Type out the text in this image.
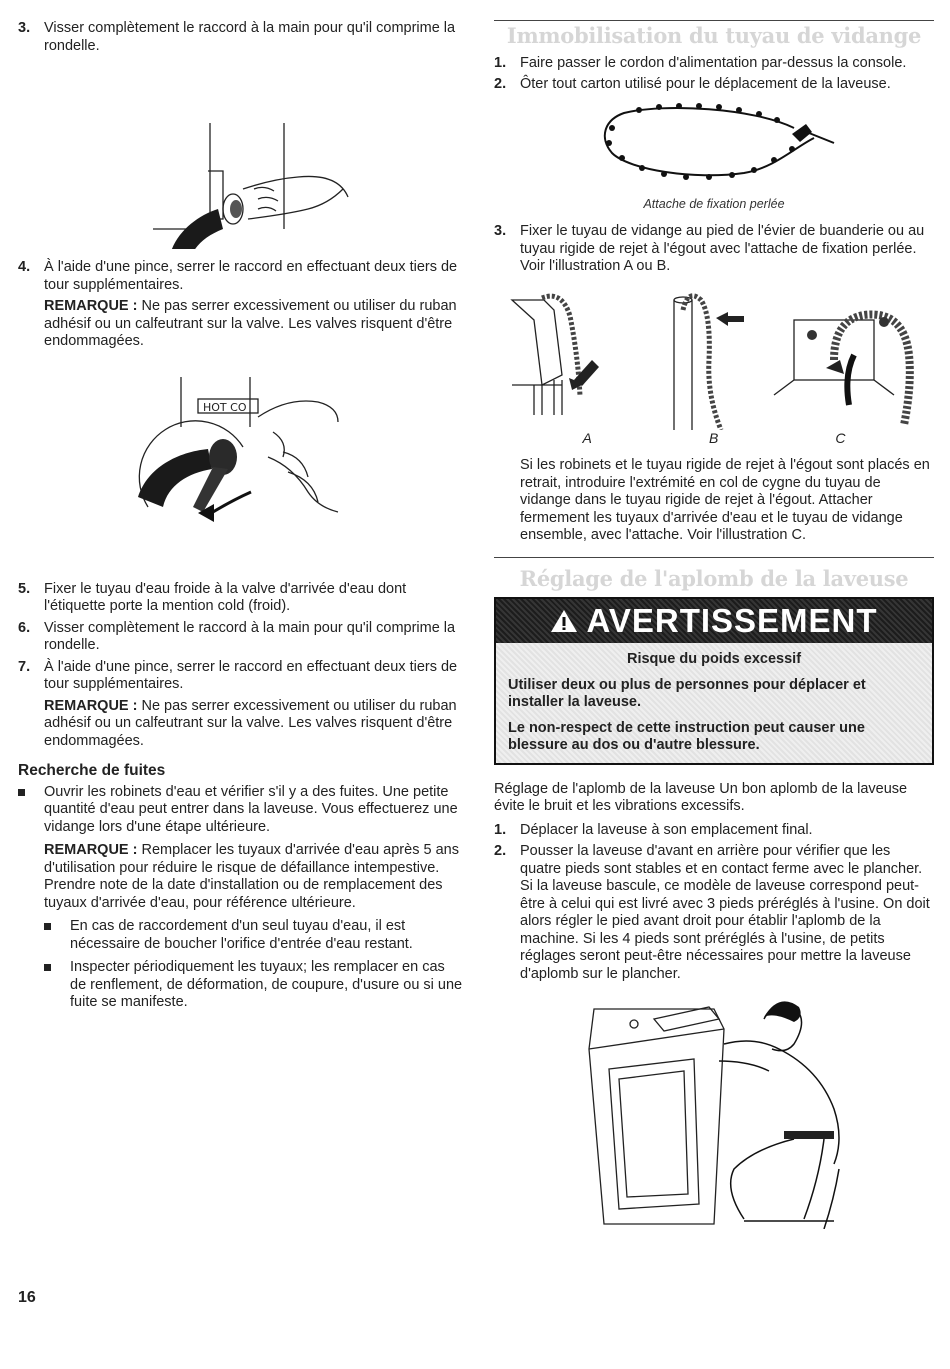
3. Visser complètement le raccord à la main pour qu'il comprime la rondelle.
4. À l'aide d'une pince, serrer le raccord en effectuant deux tiers de tour supplémentaires.
REMARQUE : Ne pas serrer excessivement ou utiliser du ruban adhésif ou un calfeutrant sur la valve. Les valves risquent d'être endommagées.
HOT CO
5. Fixer le tuyau d'eau froide à la valve d'arrivée d'eau dont l'étiquette porte la mention cold (froid).
6. Visser complètement le raccord à la main pour qu'il comprime la rondelle.
7. À l'aide d'une pince, serrer le raccord en effectuant deux tiers de tour supplémentaires.
REMARQUE : Ne pas serrer excessivement ou utiliser du ruban adhésif ou un calfeutrant sur la valve. Les valves risquent d'être endommagées.
Recherche de fuites
Ouvrir les robinets d'eau et vérifier s'il y a des fuites. Une petite quantité d'eau peut entrer dans la laveuse. Vous effectuerez une vidange lors d'une étape ultérieure.
REMARQUE : Remplacer les tuyaux d'arrivée d'eau après 5 ans d'utilisation pour réduire le risque de défaillance intempestive. Prendre note de la date d'installation ou de remplacement des tuyaux d'arrivée d'eau, pour référence ultérieure.
En cas de raccordement d'un seul tuyau d'eau, il est nécessaire de boucher l'orifice d'entrée d'eau restant.
Inspecter périodiquement les tuyaux; les remplacer en cas de renflement, de déformation, de coupure, d'usure ou si une fuite se manifeste.
Immobilisation du tuyau de vidange
1. Faire passer le cordon d'alimentation par-dessus la console.
2. Ôter tout carton utilisé pour le déplacement de la laveuse.
Attache de fixation perlée
3. Fixer le tuyau de vidange au pied de l'évier de buanderie ou au tuyau rigide de rejet à l'égout avec l'attache de fixation perlée. Voir l'illustration A ou B.
A	B	C
Si les robinets et le tuyau rigide de rejet à l'égout sont placés en retrait, introduire l'extrémité en col de cygne du tuyau de vidange dans le tuyau rigide de rejet à l'égout. Attacher fermement les tuyaux d'arrivée d'eau et le tuyau de vidange ensemble, avec l'attache. Voir l'illustration C.
Réglage de l'aplomb de la laveuse
AVERTISSEMENT
Risque du poids excessif
Utiliser deux ou plus de personnes pour déplacer et installer la laveuse.
Le non-respect de cette instruction peut causer une blessure au dos ou d'autre blessure.
Réglage de l'aplomb de la laveuse Un bon aplomb de la laveuse évite le bruit et les vibrations excessifs.
1. Déplacer la laveuse à son emplacement final.
2. Pousser la laveuse d'avant en arrière pour vérifier que les quatre pieds sont stables et en contact ferme avec le plancher. Si la laveuse bascule, ce modèle de laveuse correspond peut-être à celui qui est livré avec 3 pieds préréglés à l'usine. On doit alors régler le pied avant droit pour établir l'aplomb de la machine. Si les 4 pieds sont préréglés à l'usine, de petits réglages seront peut-être nécessaires pour mettre la laveuse d'aplomb sur le plancher.
16
